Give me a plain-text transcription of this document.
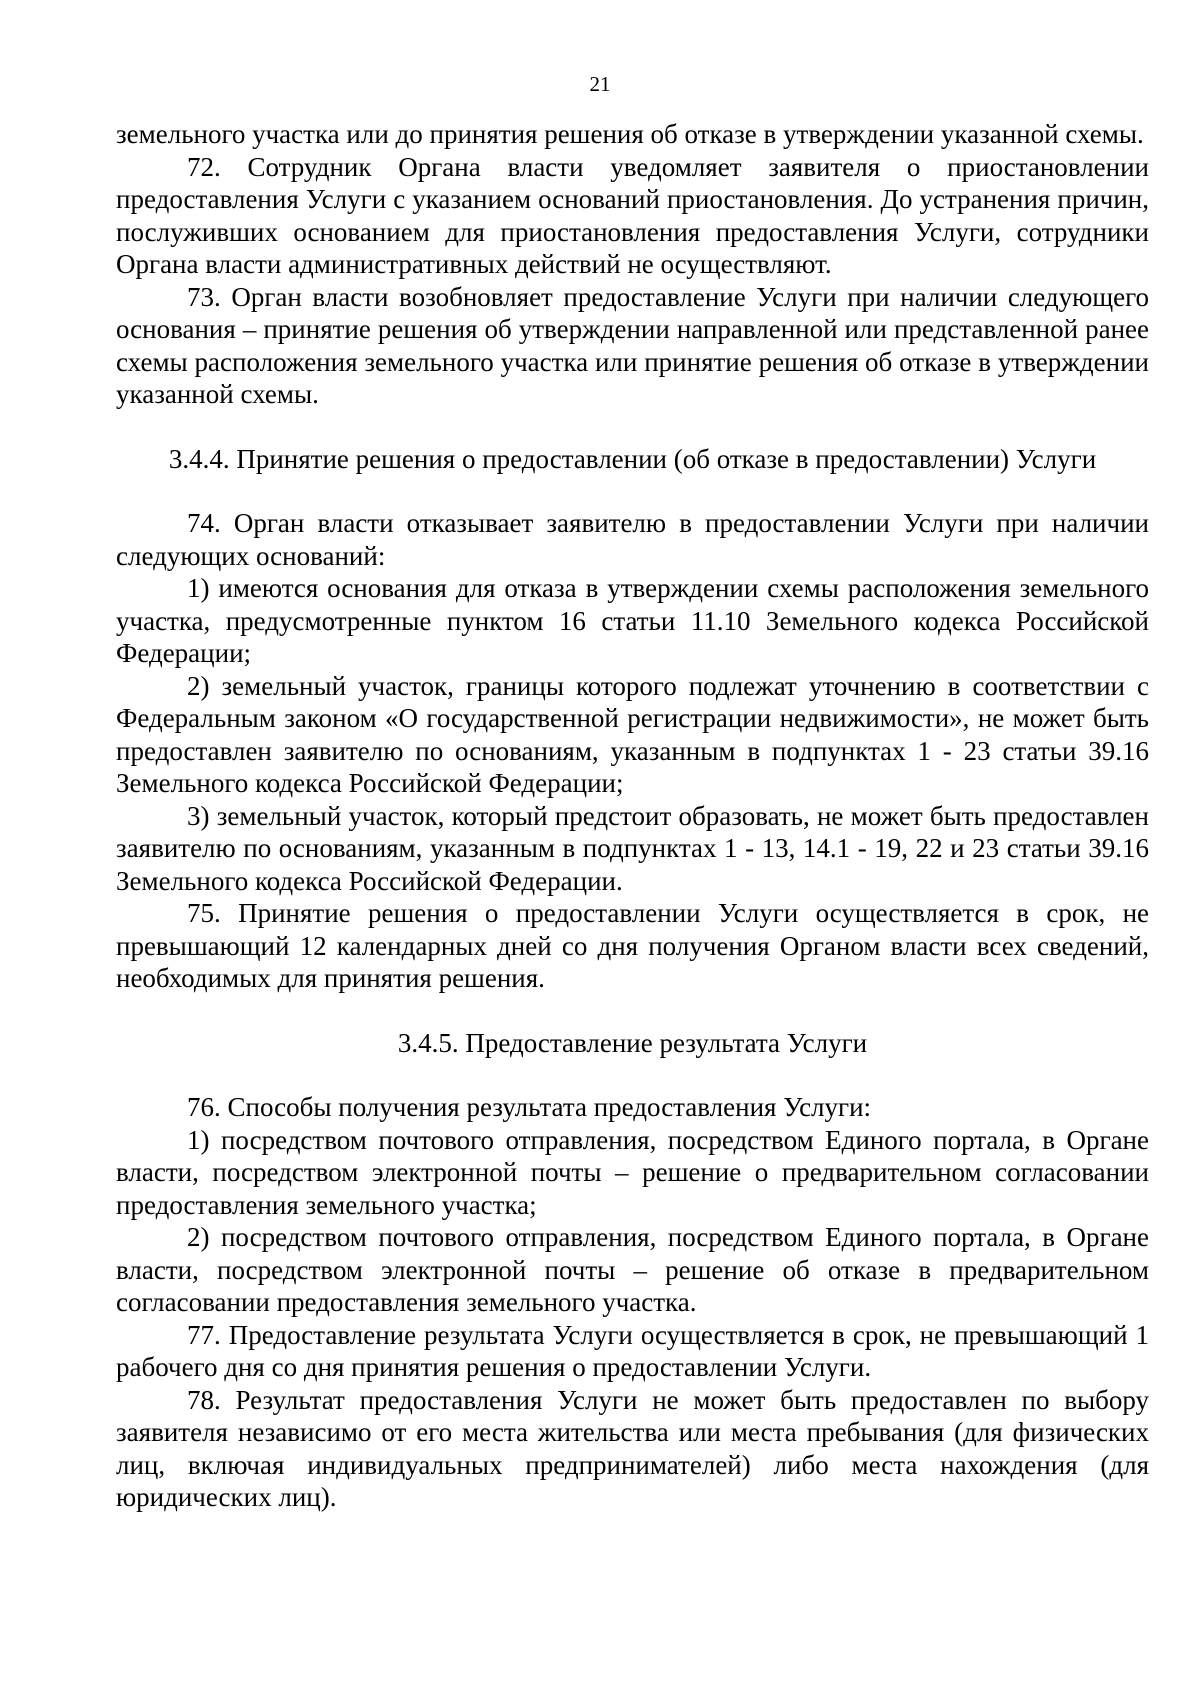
21

земельного участка или до принятия решения об отказе в утверждении указанной схемы.

72. Сотрудник Органа власти уведомляет заявителя о приостановлении предоставления Услуги с указанием оснований приостановления. До устранения причин, послуживших основанием для приостановления предоставления Услуги, сотрудники Органа власти административных действий не осуществляют.

73. Орган власти возобновляет предоставление Услуги при наличии следующего основания – принятие решения об утверждении направленной или представленной ранее схемы расположения земельного участка или принятие решения об отказе в утверждении указанной схемы.

3.4.4. Принятие решения о предоставлении (об отказе в предоставлении) Услуги

74. Орган власти отказывает заявителю в предоставлении Услуги при наличии следующих оснований:

1) имеются основания для отказа в утверждении схемы расположения земельного участка, предусмотренные пунктом 16 статьи 11.10 Земельного кодекса Российской Федерации;

2) земельный участок, границы которого подлежат уточнению в соответствии с Федеральным законом «О государственной регистрации недвижимости», не может быть предоставлен заявителю по основаниям, указанным в подпунктах 1 - 23 статьи 39.16 Земельного кодекса Российской Федерации;

3) земельный участок, который предстоит образовать, не может быть предоставлен заявителю по основаниям, указанным в подпунктах 1 - 13, 14.1 - 19, 22 и 23 статьи 39.16 Земельного кодекса Российской Федерации.

75. Принятие решения о предоставлении Услуги осуществляется в срок, не превышающий 12 календарных дней со дня получения Органом власти всех сведений, необходимых для принятия решения.

3.4.5. Предоставление результата Услуги

76. Способы получения результата предоставления Услуги:

1) посредством почтового отправления, посредством Единого портала, в Органе власти, посредством электронной почты – решение о предварительном согласовании предоставления земельного участка;

2) посредством почтового отправления, посредством Единого портала, в Органе власти, посредством электронной почты – решение об отказе в предварительном согласовании предоставления земельного участка.

77. Предоставление результата Услуги осуществляется в срок, не превышающий 1 рабочего дня со дня принятия решения о предоставлении Услуги.

78. Результат предоставления Услуги не может быть предоставлен по выбору заявителя независимо от его места жительства или места пребывания (для физических лиц, включая индивидуальных предпринимателей) либо места нахождения (для юридических лиц).
